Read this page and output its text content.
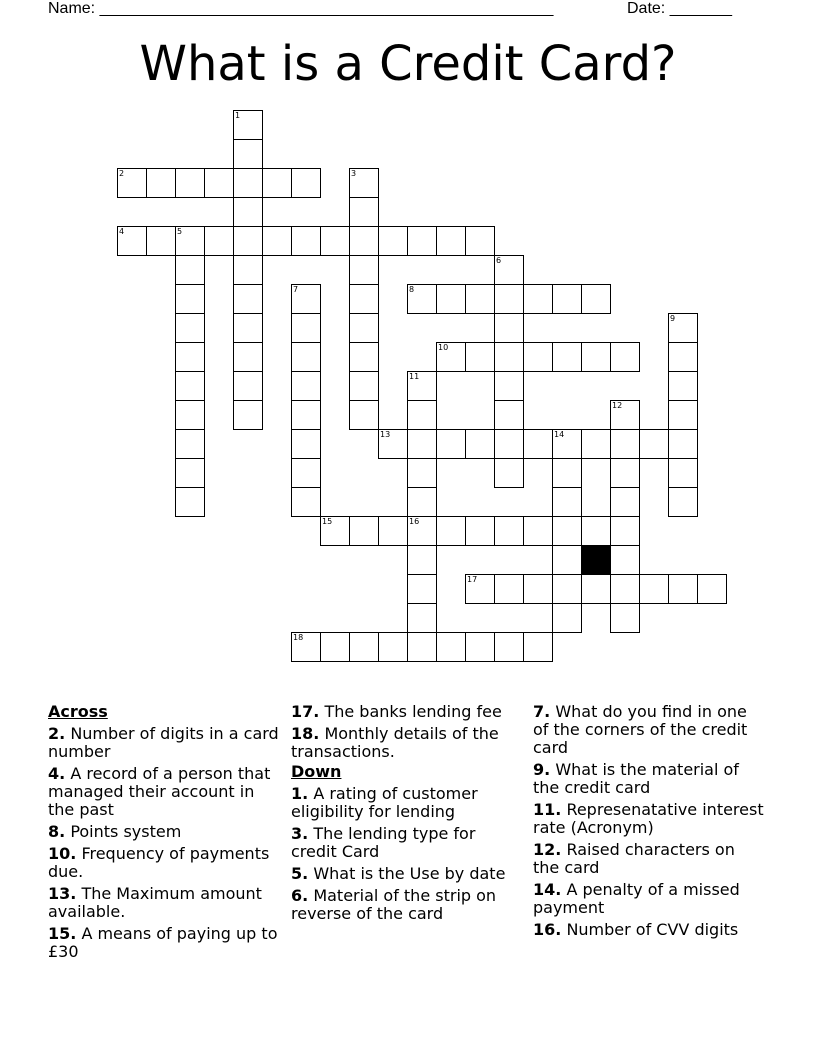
Name: ___________________________________________________	Date: _______
What is a Credit Card?
1
2	3
4	5
6
7	8
9
10
11
16
12
13	14
15
17
18
Across
2. Number of digits in a card number
4. A record of a person that managed their account in the past
8. Points system
10. Frequency of payments due.
13. The Maximum amount available.
15. A means of paying up to £30
17. The banks lending fee
18. Monthly details of the transactions.
Down
1. A rating of customer eligibility for lending
3. The lending type for credit Card
5. What is the Use by date
6. Material of the strip on reverse of the card
7. What do you find in one of the corners of the credit card
9. What is the material of the credit card
11. Represenatative interest rate (Acronym)
12. Raised characters on the card
14. A penalty of a missed payment
16. Number of CVV digits
